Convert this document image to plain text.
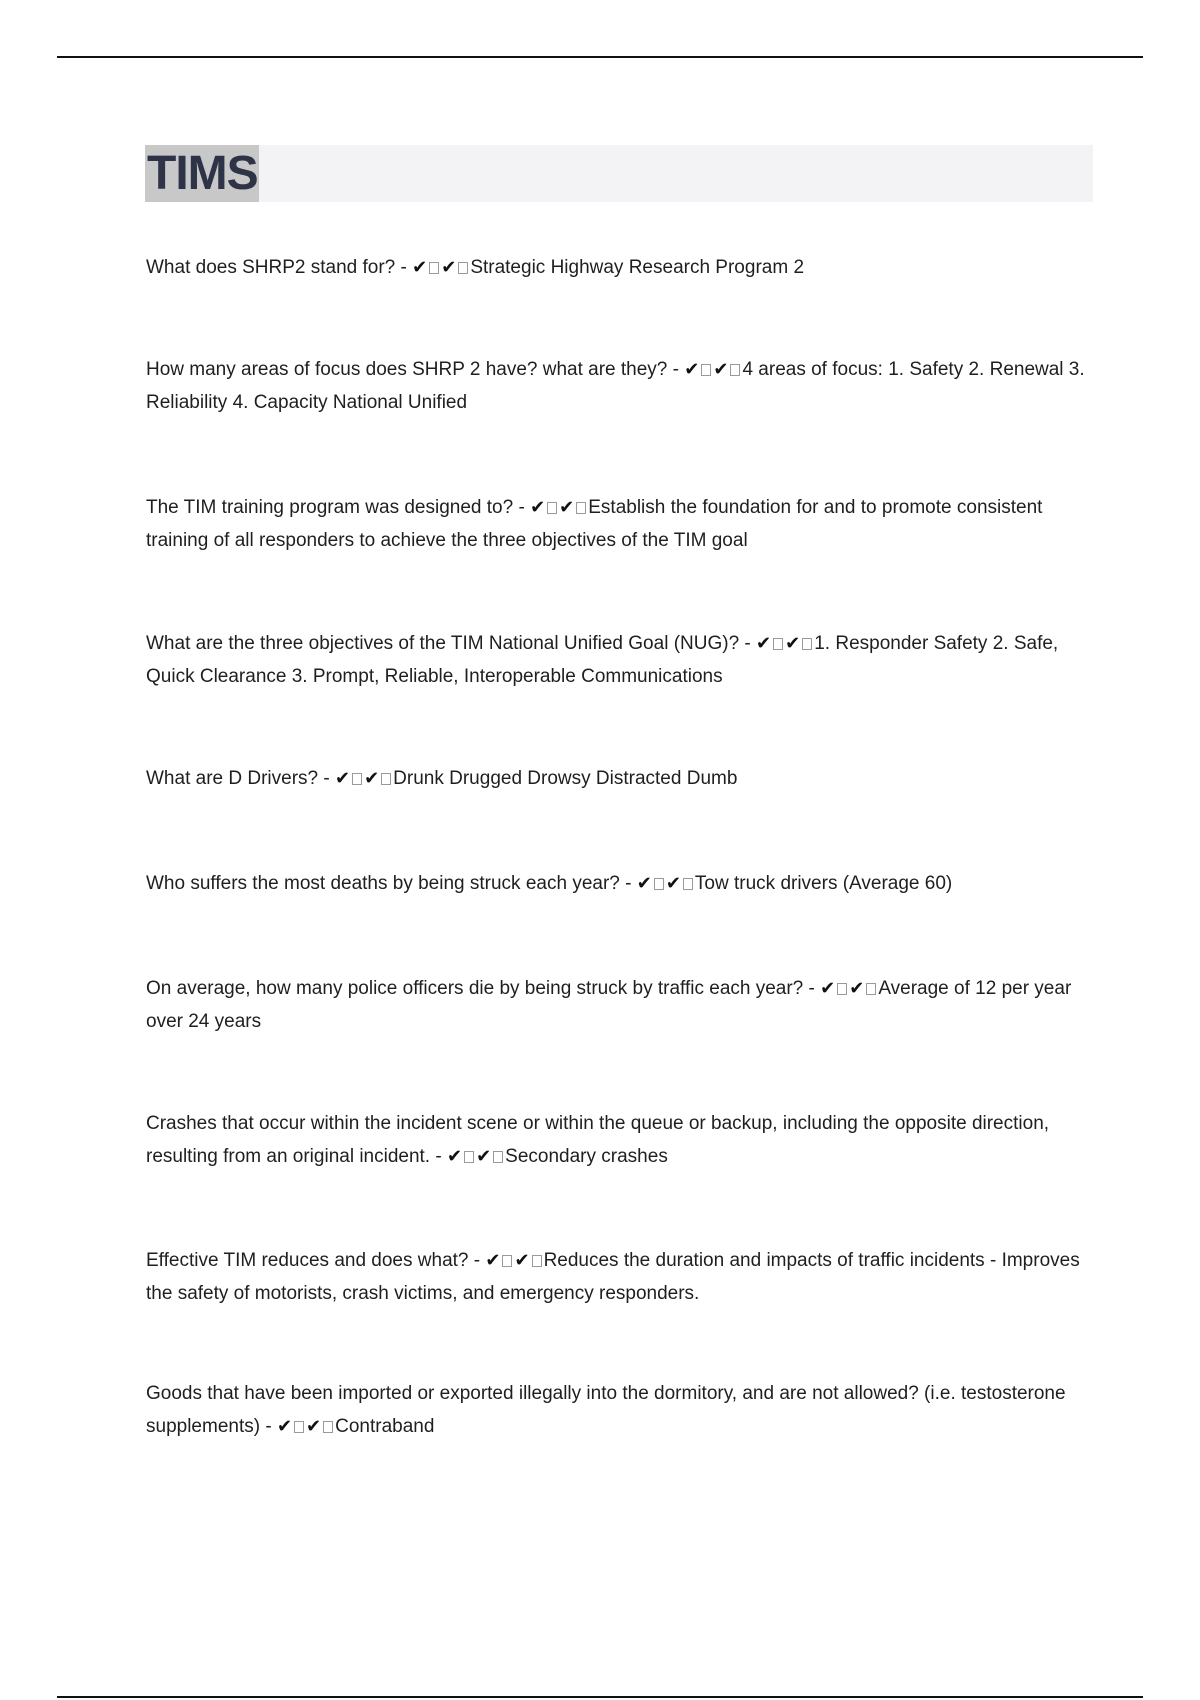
TIMS

What does SHRP2 stand for? - ✔ ✔ Strategic Highway Research Program 2

How many areas of focus does SHRP 2 have? what are they? - ✔ ✔ 4 areas of focus: 1. Safety 2. Renewal 3. Reliability 4. Capacity National Unified

The TIM training program was designed to? - ✔ ✔ Establish the foundation for and to promote consistent training of all responders to achieve the three objectives of the TIM goal

What are the three objectives of the TIM National Unified Goal (NUG)? - ✔ ✔ 1. Responder Safety 2. Safe, Quick Clearance 3. Prompt, Reliable, Interoperable Communications

What are D Drivers? - ✔ ✔ Drunk Drugged Drowsy Distracted Dumb

Who suffers the most deaths by being struck each year? - ✔ ✔ Tow truck drivers (Average 60)

On average, how many police officers die by being struck by traffic each year? - ✔ ✔ Average of 12 per year over 24 years

Crashes that occur within the incident scene or within the queue or backup, including the opposite direction, resulting from an original incident. - ✔ ✔ Secondary crashes

Effective TIM reduces and does what? - ✔ ✔ Reduces the duration and impacts of traffic incidents - Improves the safety of motorists, crash victims, and emergency responders.

Goods that have been imported or exported illegally into the dormitory, and are not allowed? (i.e. testosterone supplements) - ✔ ✔ Contraband
